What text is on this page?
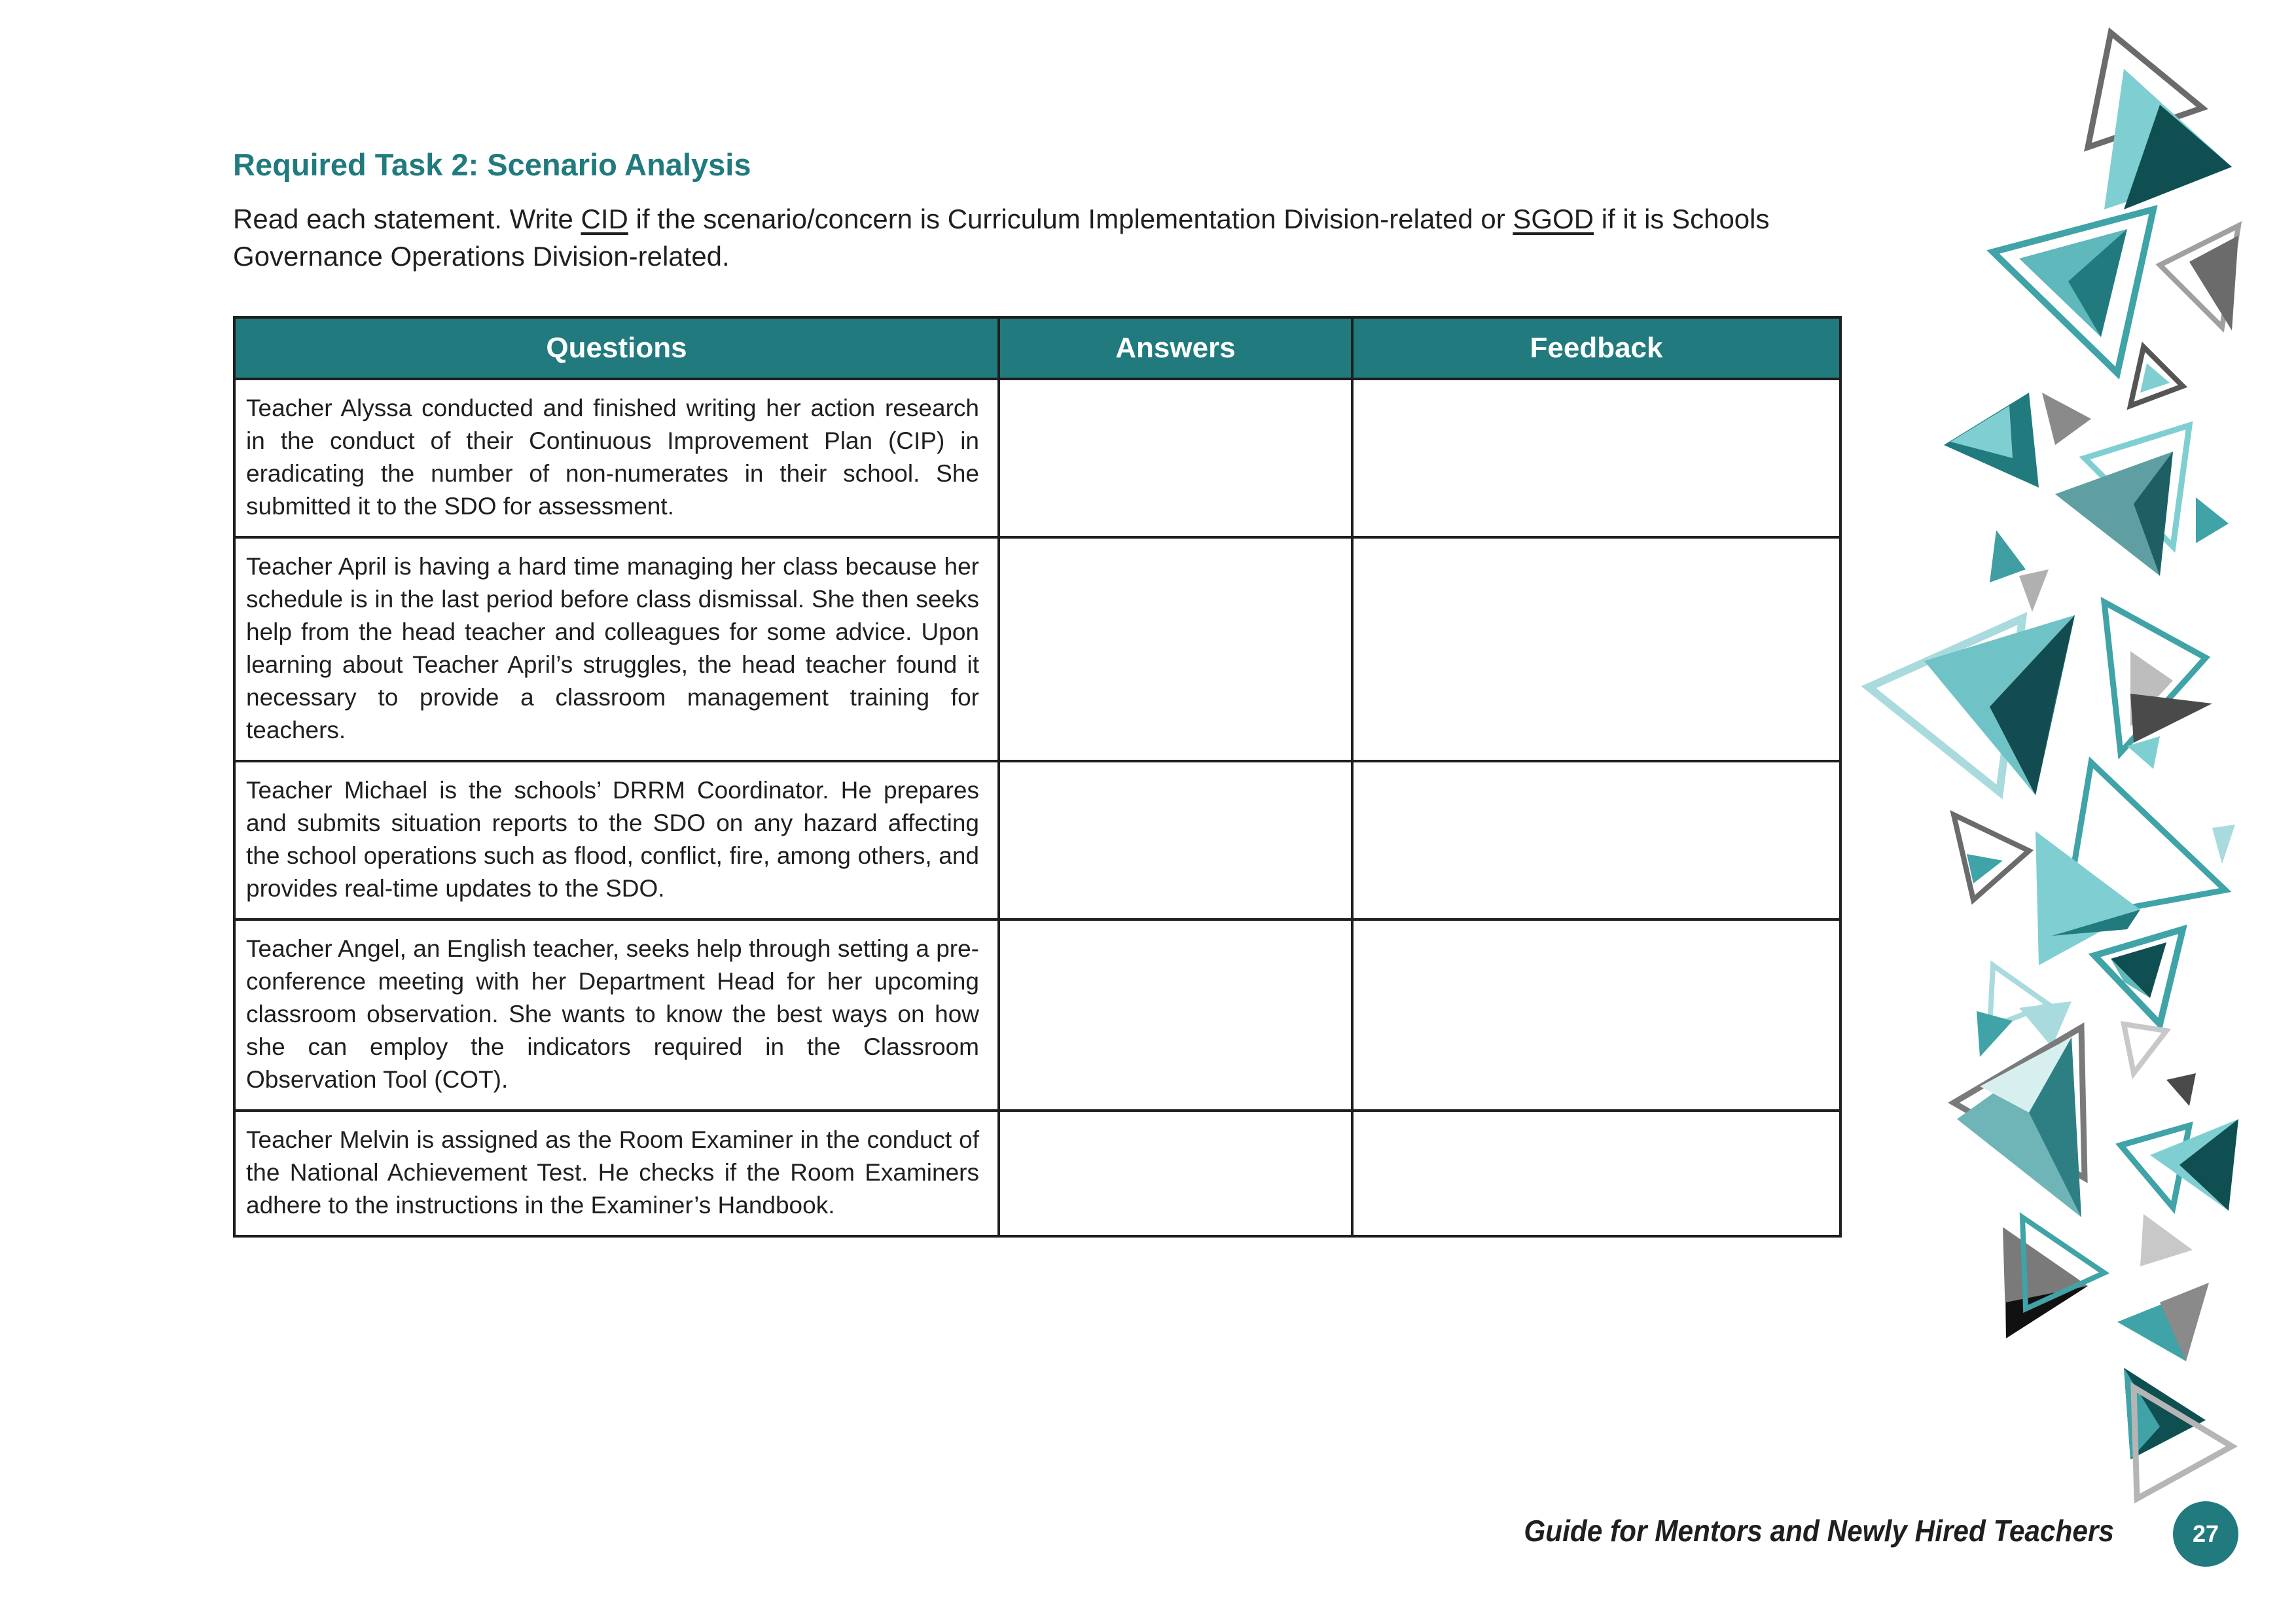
Required Task 2: Scenario Analysis

Read each statement. Write CID if the scenario/concern is Curriculum Implementation Division-related or SGOD if it is Schools Governance Operations Division-related.

Questions	Answers	Feedback
Teacher Alyssa conducted and finished writing her action research in the conduct of their Continuous Improvement Plan (CIP) in eradicating the number of non-numerates in their school. She submitted it to the SDO for assessment.		
Teacher April is having a hard time managing her class because her schedule is in the last period before class dismissal. She then seeks help from the head teacher and colleagues for some advice. Upon learning about Teacher April’s struggles, the head teacher found it necessary to provide a classroom management training for teachers.		
Teacher Michael is the schools’ DRRM Coordinator. He prepares and submits situation reports to the SDO on any hazard affecting the school operations such as flood, conflict, fire, among others, and provides real-time updates to the SDO.		
Teacher Angel, an English teacher, seeks help through setting a pre-conference meeting with her Department Head for her upcoming classroom observation. She wants to know the best ways on how she can employ the indicators required in the Classroom Observation Tool (COT).		
Teacher Melvin is assigned as the Room Examiner in the conduct of the National Achievement Test. He checks if the Room Examiners adhere to the instructions in the Examiner’s Handbook.		

Guide for Mentors and Newly Hired Teachers	27
